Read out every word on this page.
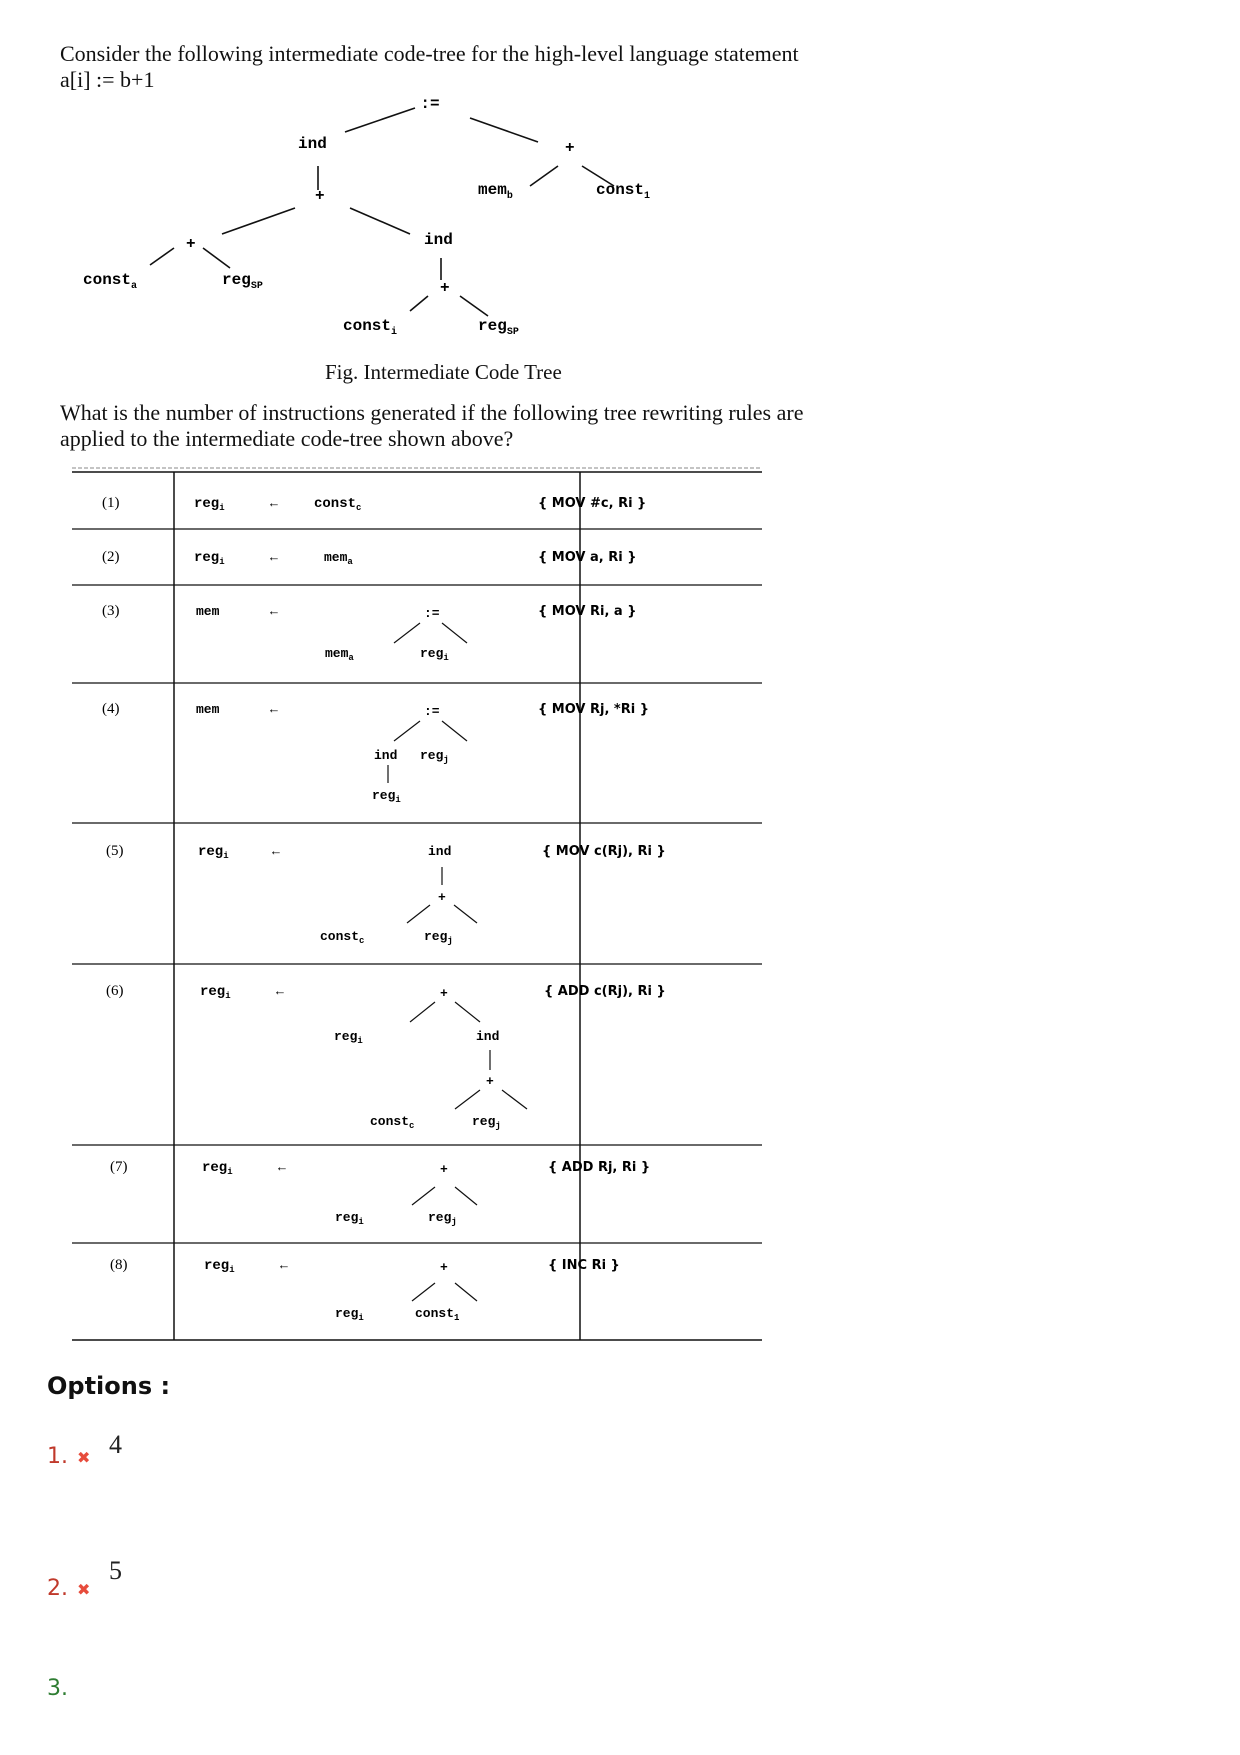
Consider the following intermediate code-tree for the high-level language statement
a[i] := b+1
:=
ind	+
+	mem$_b$	const$_1$
+	ind
const$_a$	reg$_{SP}$	+
const$_i$	reg$_{SP}$
Fig. Intermediate Code Tree
What is the number of instructions generated if the following tree rewriting rules are
applied to the intermediate code-tree shown above?
(1)	reg$_i$	←	const$_c$	{ MOV #c, Ri }
(2)	reg$_i$	←	mem$_a$	{ MOV a, Ri }
(3)	mem	←	:=
mem$_a$	reg$_i$
{ MOV Ri, a }
(4)	mem	←	:=
ind reg$_j$
reg$_i$
{ MOV Rj, *Ri }
(5)	reg$_i$	←	ind
+
const$_c$	reg$_j$
{ MOV c(Rj), Ri }
(6)	reg$_i$	←	+
reg$_i$	ind
+
const$_c$	reg$_j$
{ ADD c(Rj), Ri }
(7)	reg$_i$	←	+
reg$_i$	reg$_j$
{ ADD Rj, Ri }
(8)	reg$_i$	←	+
reg$_i$	const$_1$
{ INC Ri }
Options :
1. ✖ 4
2. ✖
5
3.
